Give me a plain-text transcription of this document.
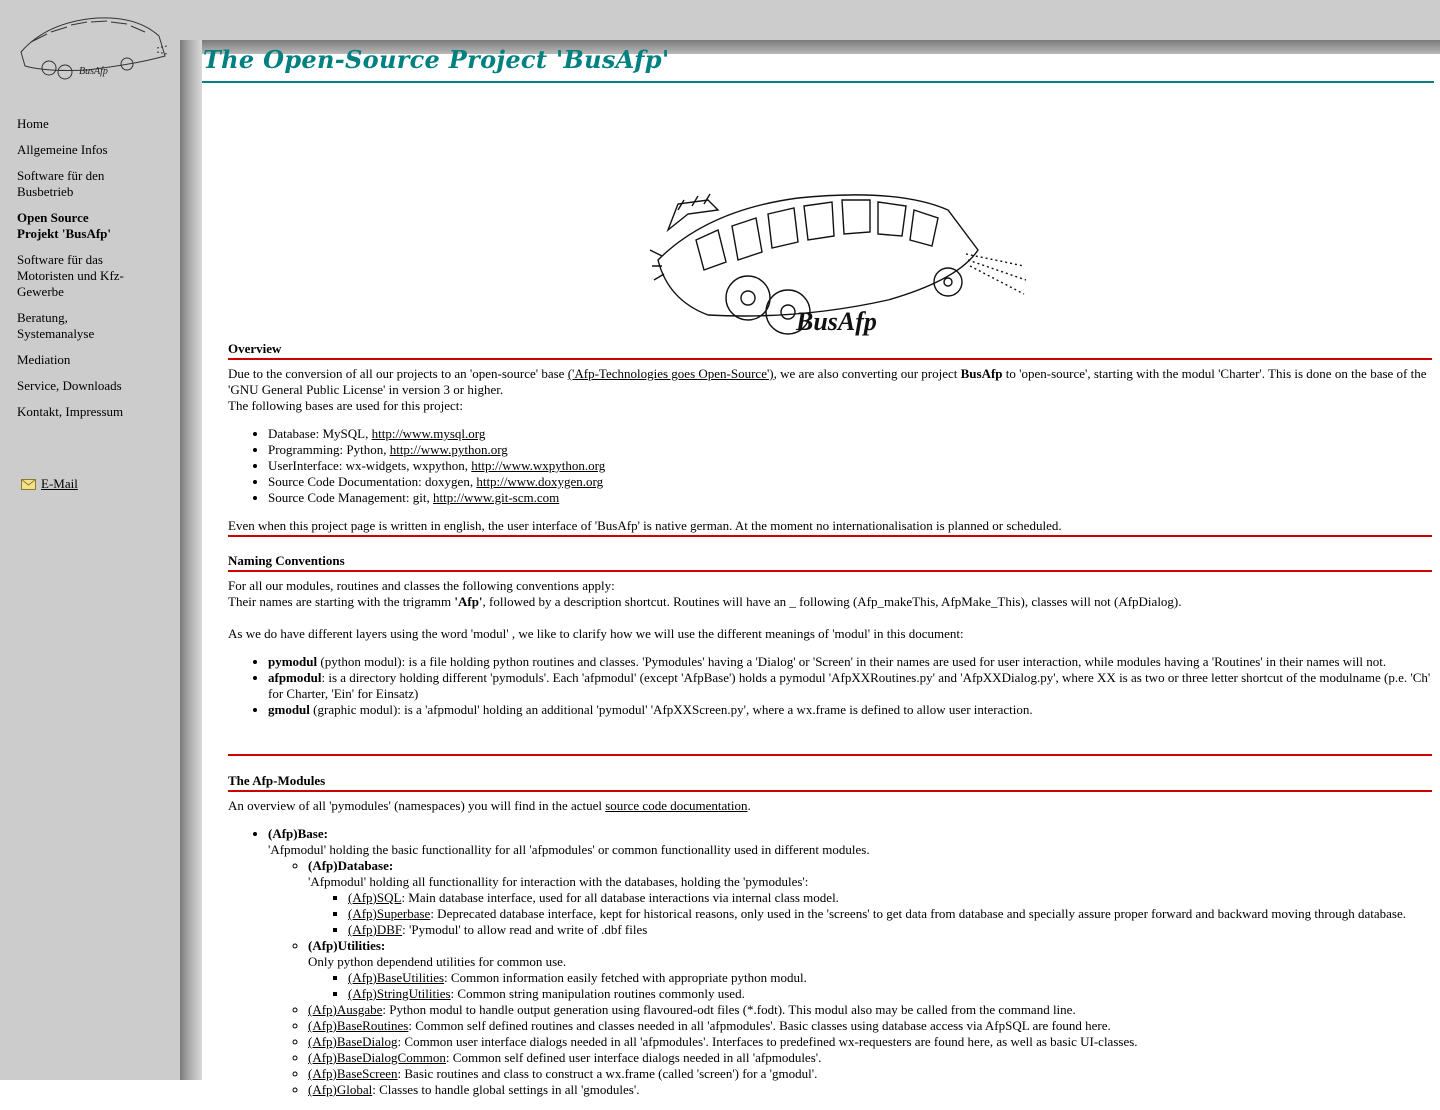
BusAfp
Home
Allgemeine Infos
Software für den Busbetrieb
Open Source Projekt 'BusAfp'
Software für das Motoristen und Kfz-Gewerbe
Beratung, Systemanalyse
Mediation
Service, Downloads
Kontakt, Impressum
E-Mail
The Open-Source Project 'BusAfp'
BusAfp
Overview

Due to the conversion of all our projects to an 'open-source' base ('Afp-Technologies goes Open-Source'), we are also converting our project BusAfp to 'open-source', starting with the modul 'Charter'. This is done on the base of the 'GNU General Public License' in version 3 or higher.

The following bases are used for this project:

• Database: MySQL, http://www.mysql.org
• Programming: Python, http://www.python.org
• UserInterface: wx-widgets, wxpython, http://www.wxpython.org
• Source Code Documentation: doxygen, http://www.doxygen.org
• Source Code Management: git, http://www.git-scm.com

Even when this project page is written in english, the user interface of 'BusAfp' is native german. At the moment no internationalisation is planned or scheduled.

Naming Conventions

For all our modules, routines and classes the following conventions apply:

Their names are starting with the trigramm 'Afp', followed by a description shortcut. Routines will have an _ following (Afp_makeThis, AfpMake_This), classes will not (AfpDialog).

As we do have different layers using the word 'modul' , we like to clarify how we will use the different meanings of 'modul' in this document:

• pymodul (python modul): is a file holding python routines and classes. 'Pymodules' having a 'Dialog' or 'Screen' in their names are used for user interaction, while modules having a 'Routines' in their names will not.
• afpmodul: is a directory holding different 'pymoduls'. Each 'afpmodul' (except 'AfpBase') holds a pymodul 'AfpXXRoutines.py' and 'AfpXXDialog.py', where XX is as two or three letter shortcut of the modulname (p.e. 'Ch' for Charter, 'Ein' for Einsatz)
• gmodul (graphic modul): is a 'afpmodul' holding an additional 'pymodul' 'AfpXXScreen.py', where a wx.frame is defined to allow user interaction.
The Afp-Modules

An overview of all 'pymodules' (namespaces) you will find in the actuel source code documentation.

• (Afp)Base:
'Afpmodul' holding the basic functionallity for all 'afpmodules' or common functionallity used in different modules.
◦ (Afp)Database:
'Afpmodul' holding all functionallity for interaction with the databases, holding the 'pymodules':
▪ (Afp)SQL: Main database interface, used for all database interactions via internal class model.
▪ (Afp)Superbase: Deprecated database interface, kept for historical reasons, only used in the 'screens' to get data from database and specially assure proper forward and backward moving through database.
▪ (Afp)DBF: 'Pymodul' to allow read and write of .dbf files
◦ (Afp)Utilities:
Only python dependend utilities for common use.
▪ (Afp)BaseUtilities: Common information easily fetched with appropriate python modul.
▪ (Afp)StringUtilities: Common string manipulation routines commonly used.
◦ (Afp)Ausgabe: Python modul to handle output generation using flavoured-odt files (*.fodt). This modul also may be called from the command line.
◦ (Afp)BaseRoutines: Common self defined routines and classes needed in all 'afpmodules'. Basic classes using database access via AfpSQL are found here.
◦ (Afp)BaseDialog: Common user interface dialogs needed in all 'afpmodules'. Interfaces to predefined wx-requesters are found here, as well as basic UI-classes.
◦ (Afp)BaseDialogCommon: Common self defined user interface dialogs needed in all 'afpmodules'.
◦ (Afp)BaseScreen: Basic routines and class to construct a wx.frame (called 'screen') for a 'gmodul'.
◦ (Afp)Global: Classes to handle global settings in all 'gmodules'.
